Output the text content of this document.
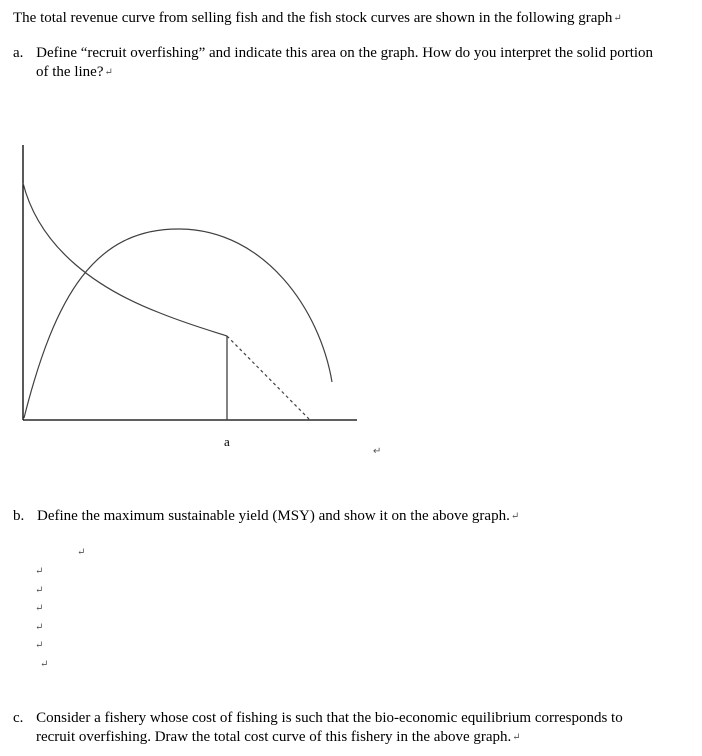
The total revenue curve from selling fish and the fish stock curves are shown in the following graph↵
a. Define “recruit overfishing” and indicate this area on the graph. How do you interpret the solid portion
of the line?↵
a
↵
b. Define the maximum sustainable yield (MSY) and show it on the above graph.↵
↵
↵
↵
↵
↵
↵
↵
c. Consider a fishery whose cost of fishing is such that the bio-economic equilibrium corresponds to
recruit overfishing. Draw the total cost curve of this fishery in the above graph.↵
